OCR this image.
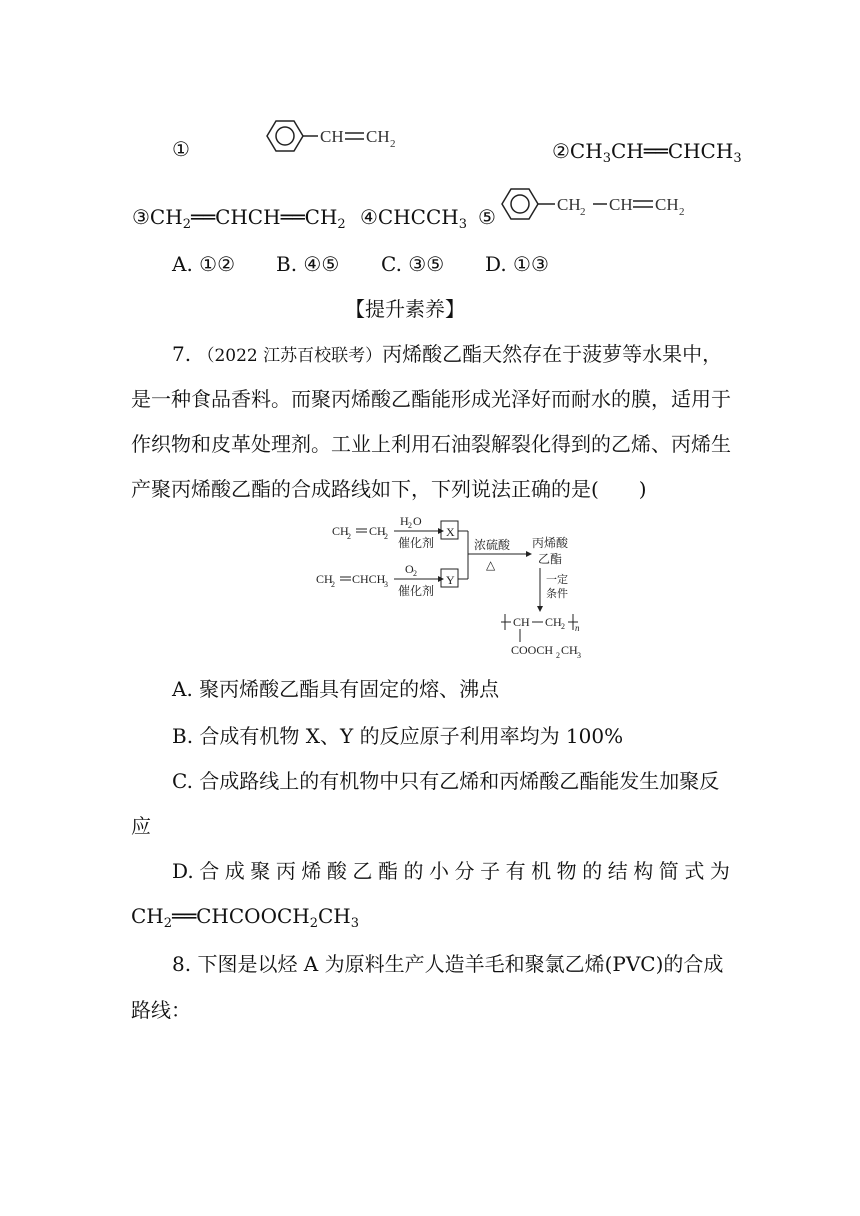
①
CH CH 2	$②CH_3CH══CHCH_3$
$③CH_2══CHCH══CH_2$ $④CHCCH_3$ ⑤
CH 2 CH CH 2
A. ①② B. ④⑤ C. ③⑤ D. ①③
【提升素养】
7. （2022 江苏百校联考）丙烯酸乙酯天然存在于菠萝等水果中，
是一种食品香料。而聚丙烯酸乙酯能形成光泽好而耐水的膜，适用于
作织物和皮革处理剂。工业上利用石油裂解裂化得到的乙烯、丙烯生
产聚丙烯酸乙酯的合成路线如下，下列说法正确的是(　　)
CH
2 CH
2
H 2 O
催化剂
X
CH
2 CHCH
3
O 2
催化剂
Y
浓硫酸
△
丙烯酸
乙酯
一定
条件
CH CH 2 n
COOCH 2 CH 3
A. 聚丙烯酸乙酯具有固定的熔、沸点
B. 合成有机物 X、Y 的反应原子利用率均为 100%
C. 合成路线上的有机物中只有乙烯和丙烯酸乙酯能发生加聚反
应
D. 合 成 聚 丙 烯 酸 乙 酯 的 小 分 子 有 机 物 的 结 构 简 式 为
$CH_2══CHCOOCH_2CH_3$
8. 下图是以烃 A 为原料生产人造羊毛和聚氯乙烯(PVC)的合成
路线：
